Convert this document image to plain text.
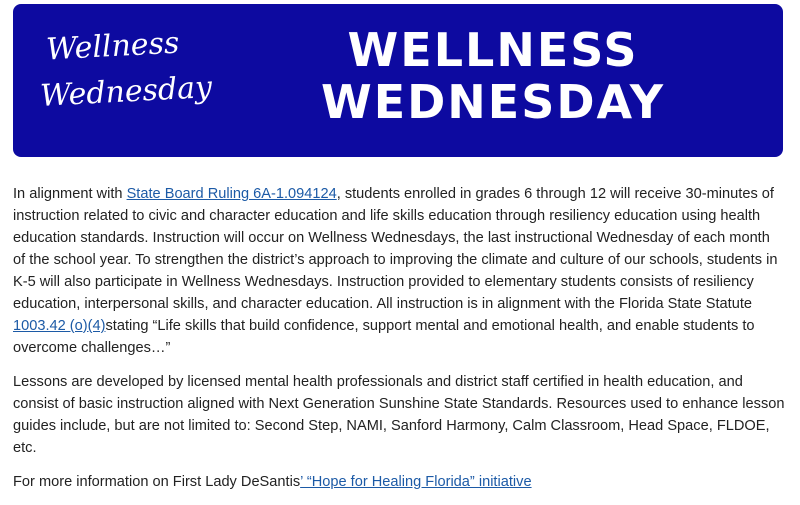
Wellness
Wednesday
WELLNESS
WEDNESDAY

In alignment with State Board Ruling 6A-1.094124, students enrolled in grades 6 through 12 will receive 30-minutes of instruction related to civic and character education and life skills education through resiliency education using health education standards. Instruction will occur on Wellness Wednesdays, the last instructional Wednesday of each month of the school year. To strengthen the district’s approach to improving the climate and culture of our schools, students in K-5 will also participate in Wellness Wednesdays. Instruction provided to elementary students consists of resiliency education, interpersonal skills, and character education. All instruction is in alignment with the Florida State Statute 1003.42 (o)(4)stating “Life skills that build confidence, support mental and emotional health, and enable students to overcome challenges…”

Lessons are developed by licensed mental health professionals and district staff certified in health education, and consist of basic instruction aligned with Next Generation Sunshine State Standards. Resources used to enhance lesson guides include, but are not limited to: Second Step, NAMI, Sanford Harmony, Calm Classroom, Head Space, FLDOE, etc.

For more information on First Lady DeSantis’ “Hope for Healing Florida” initiative
